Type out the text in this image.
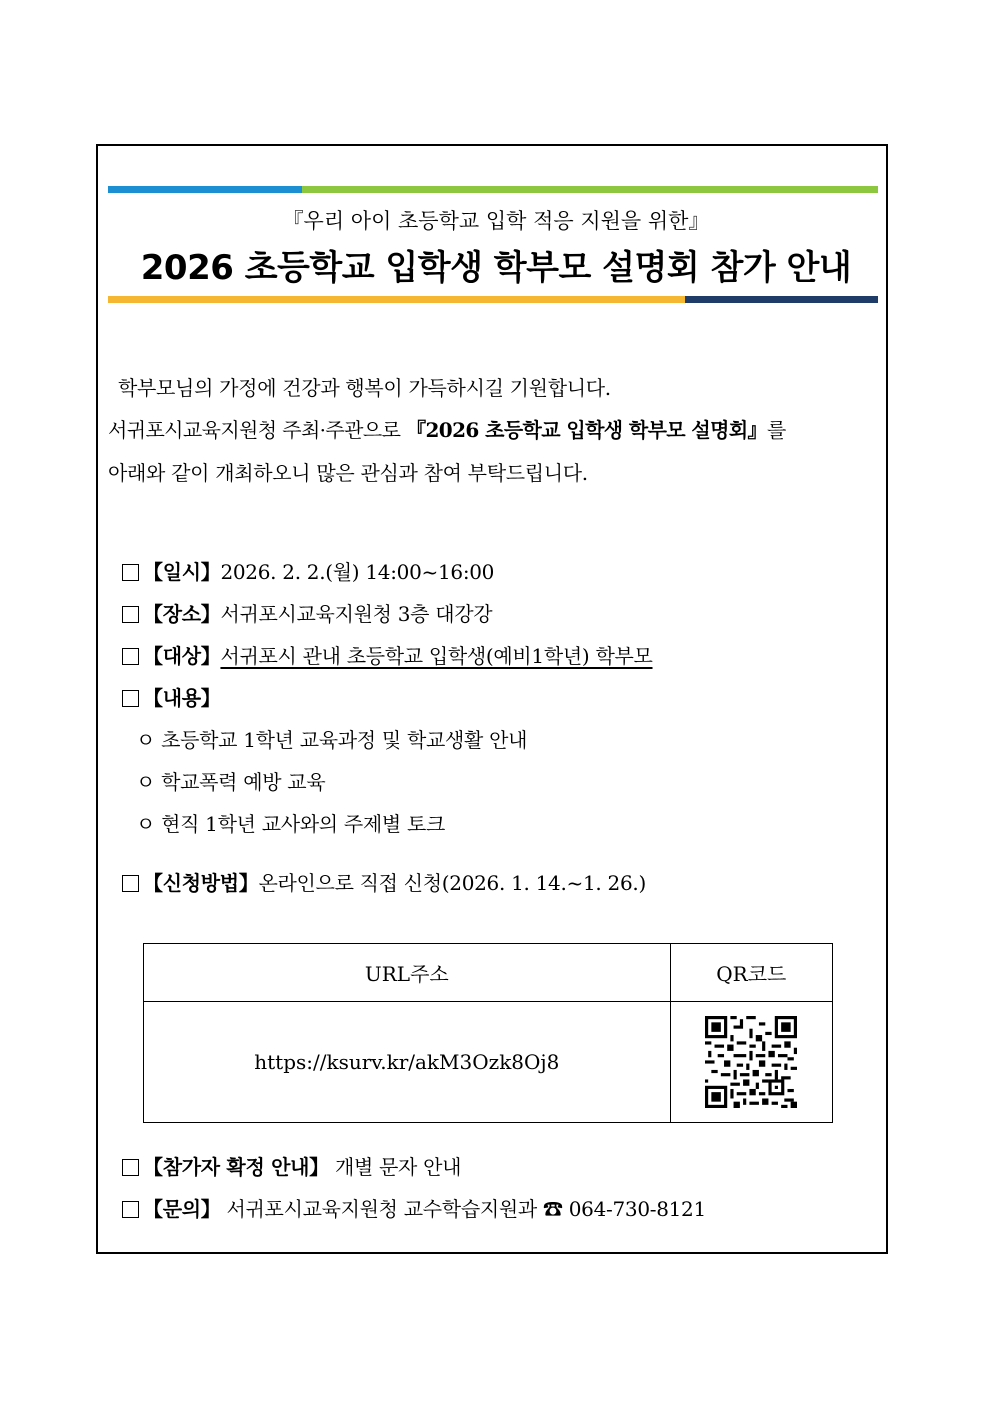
『우리 아이 초등학교 입학 적응 지원을 위한』
2026 초등학교 입학생 학부모 설명회 참가 안내
학부모님의 가정에 건강과 행복이 가득하시길 기원합니다.
서귀포시교육지원청 주최·주관으로 『2026 초등학교 입학생 학부모 설명회』를
아래와 같이 개최하오니 많은 관심과 참여 부탁드립니다.
【일시】2026. 2. 2.(월) 14:00~16:00
【장소】서귀포시교육지원청 3층 대강강
【대상】서귀포시 관내 초등학교 입학생(예비1학년) 학부모
【내용】
ㅇ 초등학교 1학년 교육과정 및 학교생활 안내
ㅇ 학교폭력 예방 교육
ㅇ 현직 1학년 교사와의 주제별 토크
【신청방법】온라인으로 직접 신청(2026. 1. 14.~1. 26.)
URL주소	QR코드
https://ksurv.kr/akM3Ozk8Oj8	
【참가자 확정 안내】 개별 문자 안내
【문의】 서귀포시교육지원청 교수학습지원과 ☎ 064-730-8121
